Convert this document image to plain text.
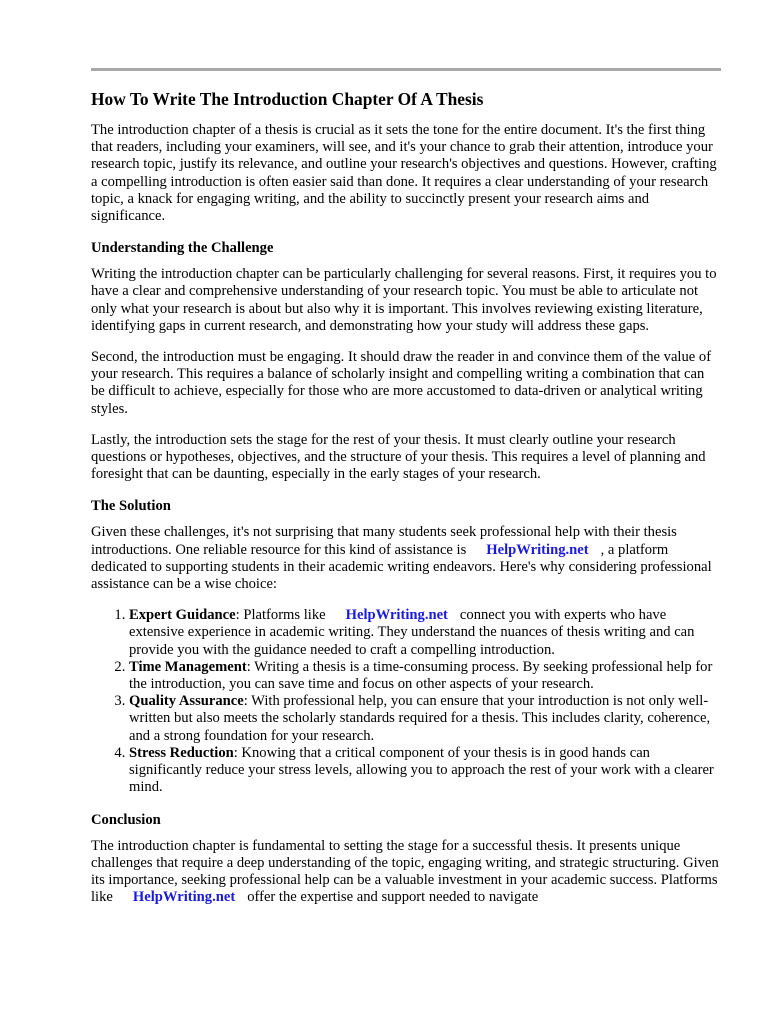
How To Write The Introduction Chapter Of A Thesis

The introduction chapter of a thesis is crucial as it sets the tone for the entire document. It's the first thing that readers, including your examiners, will see, and it's your chance to grab their attention, introduce your research topic, justify its relevance, and outline your research's objectives and questions. However, crafting a compelling introduction is often easier said than done. It requires a clear understanding of your research topic, a knack for engaging writing, and the ability to succinctly present your research aims and significance.

Understanding the Challenge

Writing the introduction chapter can be particularly challenging for several reasons. First, it requires you to have a clear and comprehensive understanding of your research topic. You must be able to articulate not only what your research is about but also why it is important. This involves reviewing existing literature, identifying gaps in current research, and demonstrating how your study will address these gaps.

Second, the introduction must be engaging. It should draw the reader in and convince them of the value of your research. This requires a balance of scholarly insight and compelling writing a combination that can be difficult to achieve, especially for those who are more accustomed to data-driven or analytical writing styles.

Lastly, the introduction sets the stage for the rest of your thesis. It must clearly outline your research questions or hypotheses, objectives, and the structure of your thesis. This requires a level of planning and foresight that can be daunting, especially in the early stages of your research.

The Solution

Given these challenges, it's not surprising that many students seek professional help with their thesis introductions. One reliable resource for this kind of assistance is HelpWriting.net , a platform dedicated to supporting students in their academic writing endeavors. Here's why considering professional assistance can be a wise choice:

1. Expert Guidance: Platforms like HelpWriting.net connect you with experts who have extensive experience in academic writing. They understand the nuances of thesis writing and can provide you with the guidance needed to craft a compelling introduction.
2. Time Management: Writing a thesis is a time-consuming process. By seeking professional help for the introduction, you can save time and focus on other aspects of your research.
3. Quality Assurance: With professional help, you can ensure that your introduction is not only well-written but also meets the scholarly standards required for a thesis. This includes clarity, coherence, and a strong foundation for your research.
4. Stress Reduction: Knowing that a critical component of your thesis is in good hands can significantly reduce your stress levels, allowing you to approach the rest of your work with a clearer mind.
Conclusion

The introduction chapter is fundamental to setting the stage for a successful thesis. It presents unique challenges that require a deep understanding of the topic, engaging writing, and strategic structuring. Given its importance, seeking professional help can be a valuable investment in your academic success. Platforms like HelpWriting.net offer the expertise and support needed to navigate
